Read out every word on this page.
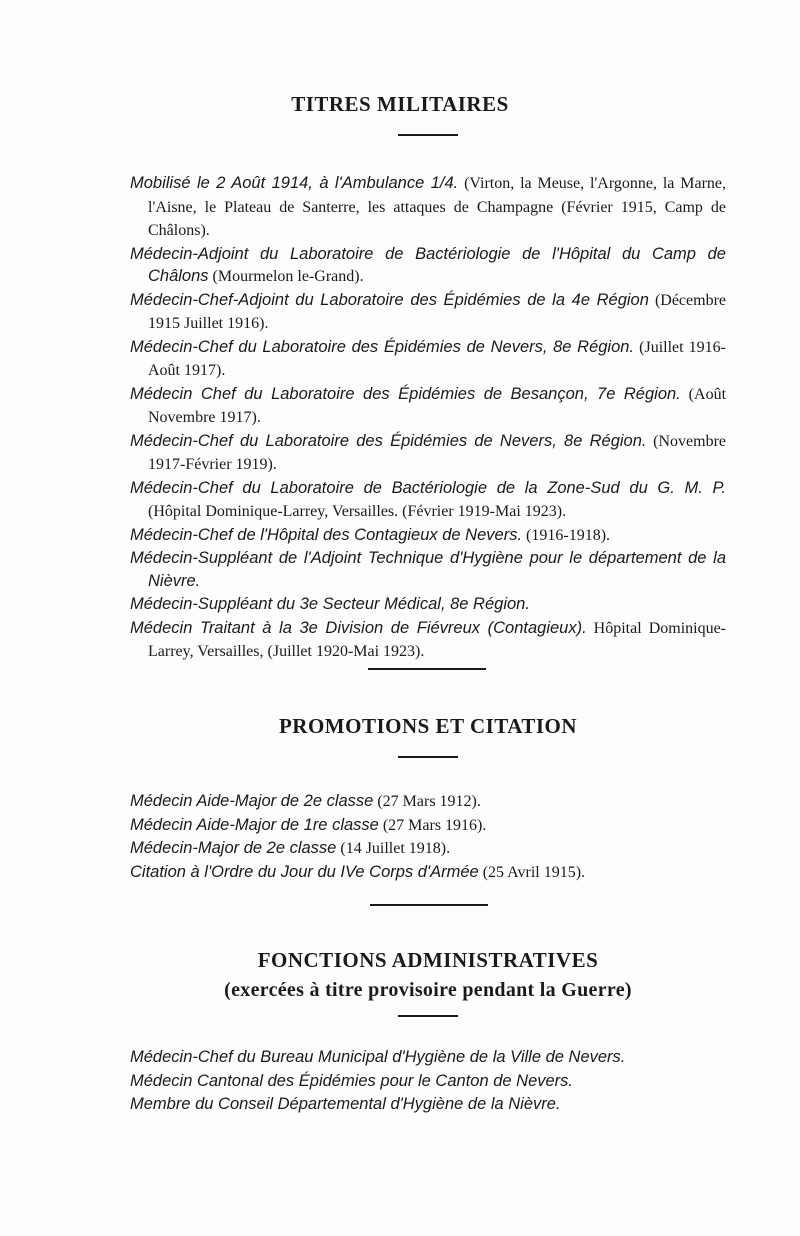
TITRES MILITAIRES
Mobilisé le 2 Août 1914, à l'Ambulance 1/4. (Virton, la Meuse, l'Argonne, la Marne, l'Aisne, le Plateau de Santerre, les attaques de Champagne (Février 1915, Camp de Châlons).
Médecin-Adjoint du Laboratoire de Bactériologie de l'Hôpital du Camp de Châlons (Mourmelon le-Grand).
Médecin-Chef-Adjoint du Laboratoire des Épidémies de la 4e Région (Décembre 1915 Juillet 1916).
Médecin-Chef du Laboratoire des Épidémies de Nevers, 8e Région. (Juillet 1916-Août 1917).
Médecin Chef du Laboratoire des Épidémies de Besançon, 7e Région. (Août Novembre 1917).
Médecin-Chef du Laboratoire des Épidémies de Nevers, 8e Région. (Novembre 1917-Février 1919).
Médecin-Chef du Laboratoire de Bactériologie de la Zone-Sud du G. M. P. (Hôpital Dominique-Larrey, Versailles. (Février 1919-Mai 1923).
Médecin-Chef de l'Hôpital des Contagieux de Nevers. (1916-1918).
Médecin-Suppléant de l'Adjoint Technique d'Hygiène pour le département de la Nièvre.
Médecin-Suppléant du 3e Secteur Médical, 8e Région.
Médecin Traitant à la 3e Division de Fiévreux (Contagieux). Hôpital Dominique-Larrey, Versailles, (Juillet 1920-Mai 1923).
PROMOTIONS ET CITATION
Médecin Aide-Major de 2e classe (27 Mars 1912).
Médecin Aide-Major de 1re classe (27 Mars 1916).
Médecin-Major de 2e classe (14 Juillet 1918).
Citation à l'Ordre du Jour du IVe Corps d'Armée (25 Avril 1915).
FONCTIONS ADMINISTRATIVES
(exercées à titre provisoire pendant la Guerre)
Médecin-Chef du Bureau Municipal d'Hygiène de la Ville de Nevers.
Médecin Cantonal des Épidémies pour le Canton de Nevers.
Membre du Conseil Départemental d'Hygiène de la Nièvre.
